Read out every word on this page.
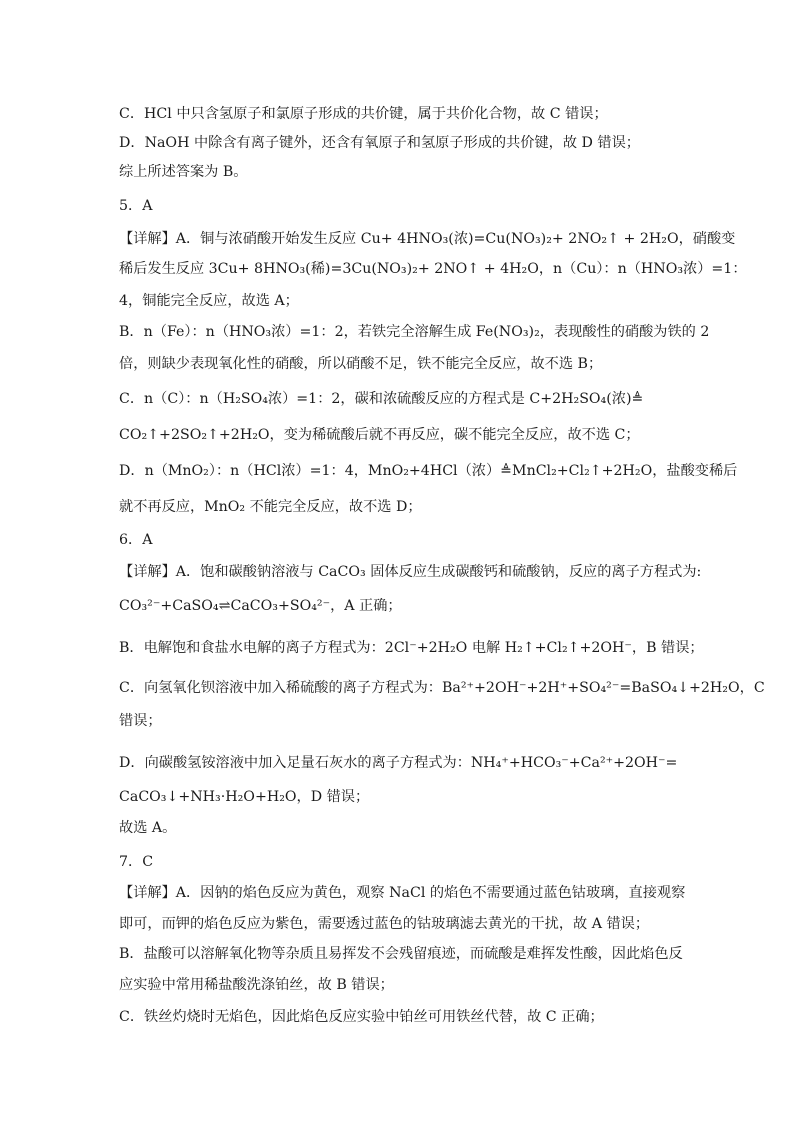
C．HCl 中只含氢原子和氯原子形成的共价键，属于共价化合物，故 C 错误；
D．NaOH 中除含有离子键外，还含有氧原子和氢原子形成的共价键，故 D 错误；
综上所述答案为 B。
5．A
【详解】A．铜与浓硝酸开始发生反应 Cu+ 4HNO₃(浓)=Cu(NO₃)₂+ 2NO₂↑ + 2H₂O，硝酸变
稀后发生反应 3Cu+ 8HNO₃(稀)=3Cu(NO₃)₂+ 2NO↑ + 4H₂O，n（Cu）：n（HNO₃浓）=1：
4，铜能完全反应，故选 A；
B．n（Fe）：n（HNO₃浓）=1：2，若铁完全溶解生成 Fe(NO₃)₂，表现酸性的硝酸为铁的 2
倍，则缺少表现氧化性的硝酸，所以硝酸不足，铁不能完全反应，故不选 B；
C．n（C）：n（H₂SO₄浓）=1：2，碳和浓硫酸反应的方程式是 C+2H₂SO₄(浓)≜
CO₂↑+2SO₂↑+2H₂O，变为稀硫酸后就不再反应，碳不能完全反应，故不选 C；
D．n（MnO₂）：n（HCl浓）=1：4，MnO₂+4HCl（浓）≜MnCl₂+Cl₂↑+2H₂O，盐酸变稀后
就不再反应，MnO₂ 不能完全反应，故不选 D；
6．A
【详解】A．饱和碳酸钠溶液与 CaCO₃ 固体反应生成碳酸钙和硫酸钠，反应的离子方程式为:
CO₃²⁻+CaSO₄⇌CaCO₃+SO₄²⁻，A 正确；
B．电解饱和食盐水电解的离子方程式为：2Cl⁻+2H₂O 电解 H₂↑+Cl₂↑+2OH⁻，B 错误；
C．向氢氧化钡溶液中加入稀硫酸的离子方程式为：Ba²⁺+2OH⁻+2H⁺+SO₄²⁻=BaSO₄↓+2H₂O，C
错误；
D．向碳酸氢铵溶液中加入足量石灰水的离子方程式为：NH₄⁺+HCO₃⁻+Ca²⁺+2OH⁻=
CaCO₃↓+NH₃·H₂O+H₂O，D 错误；
故选 A。
7．C
【详解】A．因钠的焰色反应为黄色，观察 NaCl 的焰色不需要通过蓝色钴玻璃，直接观察
即可，而钾的焰色反应为紫色，需要透过蓝色的钴玻璃滤去黄光的干扰，故 A 错误；
B．盐酸可以溶解氧化物等杂质且易挥发不会残留痕迹，而硫酸是难挥发性酸，因此焰色反
应实验中常用稀盐酸洗涤铂丝，故 B 错误；
C．铁丝灼烧时无焰色，因此焰色反应实验中铂丝可用铁丝代替，故 C 正确；
